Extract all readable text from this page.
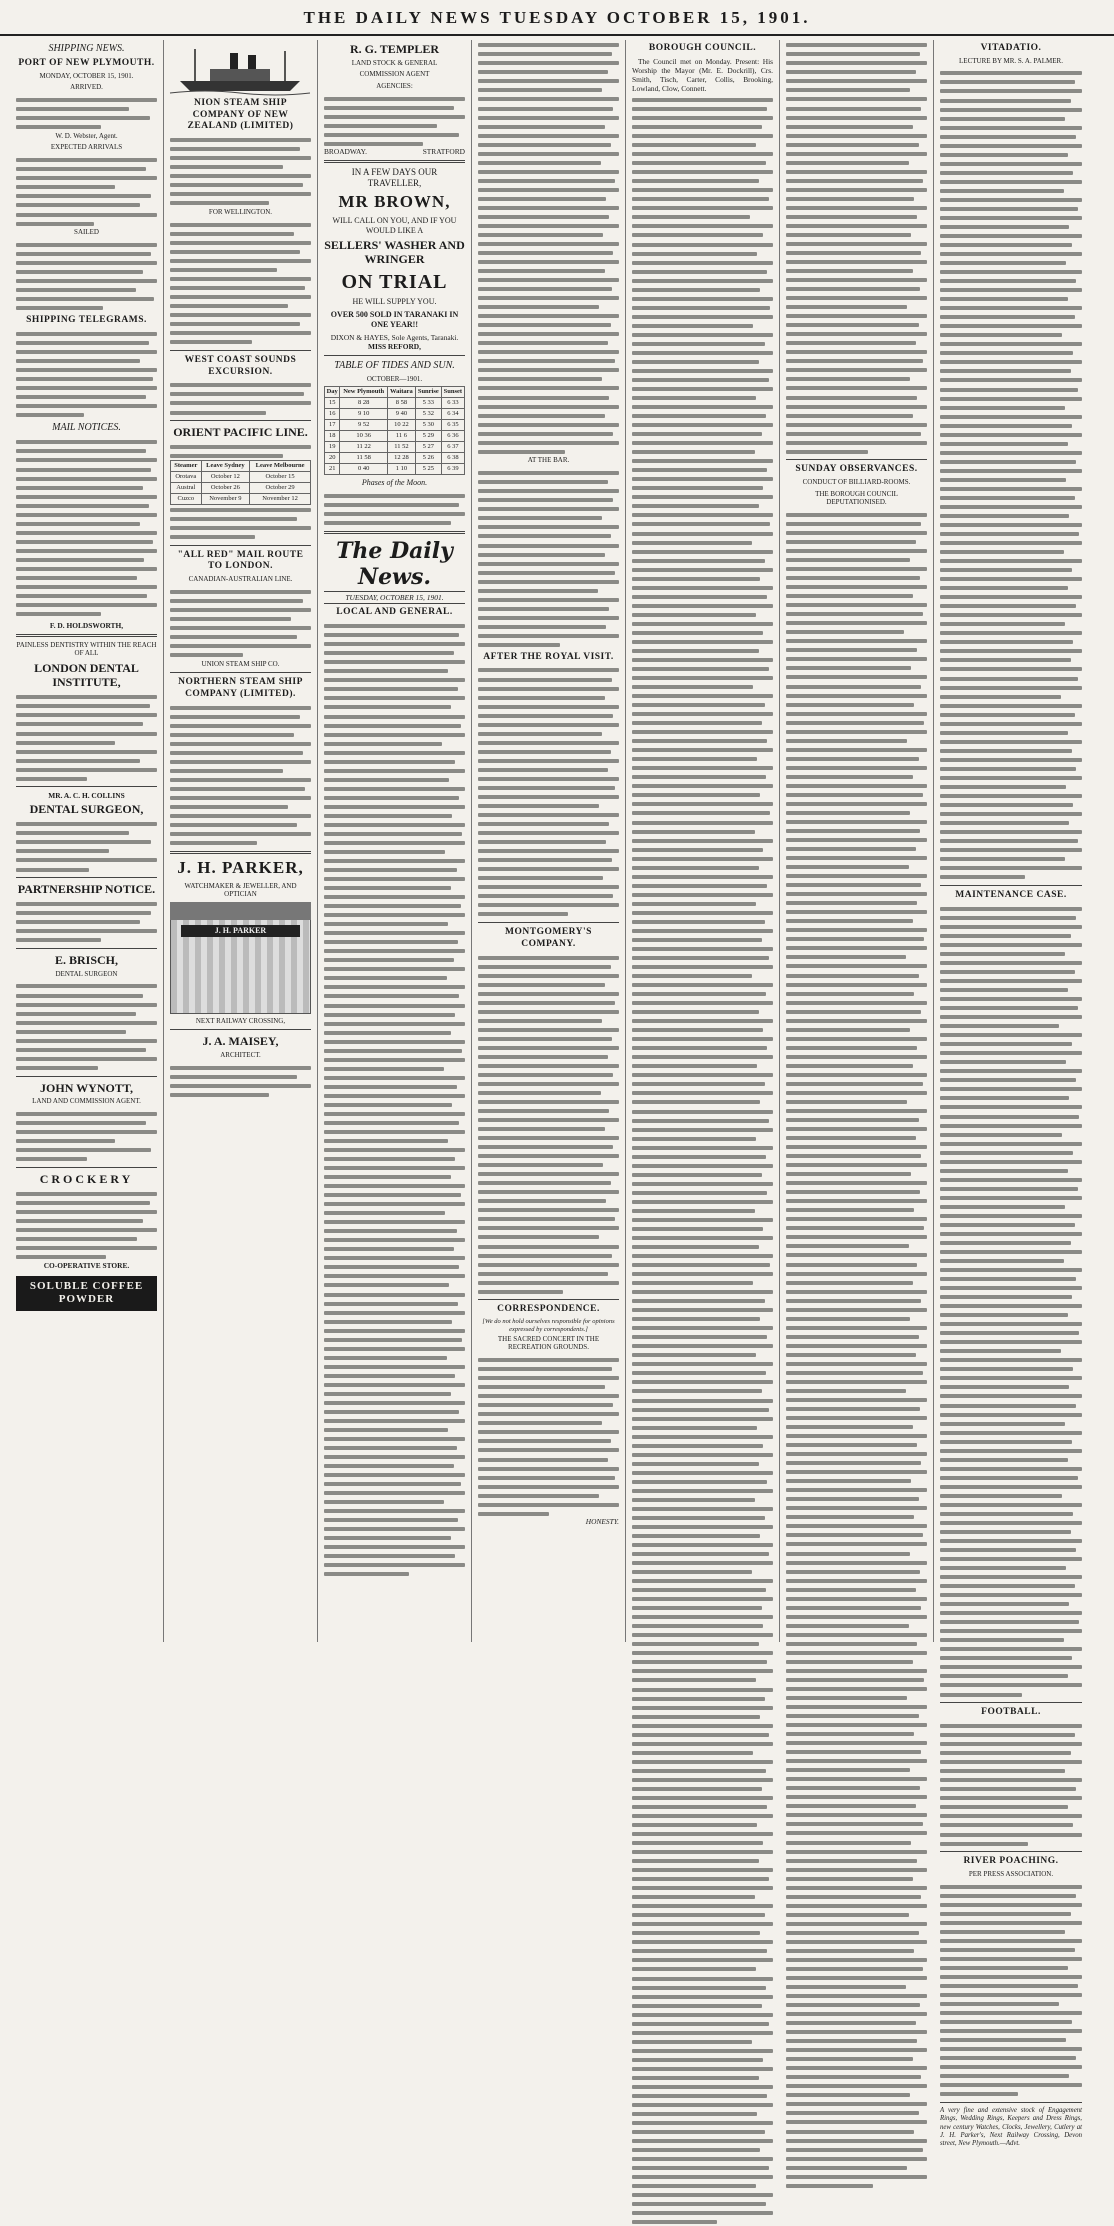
THE DAILY NEWS TUESDAY OCTOBER 15, 1901.
SHIPPING NEWS.
PORT OF NEW PLYMOUTH.
MONDAY, OCTOBER 15, 1901.
ARRIVED.
W. D. Webster, Agent.
EXPECTED ARRIVALS
SAILED
SHIPPING TELEGRAMS.
MAIL NOTICES.
F. D. HOLDSWORTH,
PAINLESS DENTISTRY WITHIN THE REACH OF ALL
LONDON DENTAL INSTITUTE,
MR. A. C. H. COLLINS
DENTAL SURGEON,
PARTNERSHIP NOTICE.
E. BRISCH,
DENTAL SURGEON
JOHN WYNOTT,
LAND AND COMMISSION AGENT.
CROCKERY
CO-OPERATIVE STORE.
SOLUBLE COFFEE POWDER
NION STEAM SHIP COMPANY OF NEW ZEALAND (LIMITED)
FOR WELLINGTON.
WEST COAST SOUNDS EXCURSION.
ORIENT PACIFIC LINE.
Steamer	Leave Sydney	Leave Melbourne
Orotava	October 12	October 15
Austral	October 26	October 29
Cuzco	November 9	November 12
"ALL RED" MAIL ROUTE TO LONDON.
CANADIAN-AUSTRALIAN LINE.
UNION STEAM SHIP CO.
NORTHERN STEAM SHIP COMPANY (LIMITED).
J. H. PARKER,
WATCHMAKER & JEWELLER, AND OPTICIAN
J. H. PARKER
NEXT RAILWAY CROSSING,
J. A. MAISEY,
ARCHITECT.
R. G. TEMPLER
LAND STOCK & GENERAL
COMMISSION AGENT
AGENCIES:
BROADWAY.	STRATFORD
IN A FEW DAYS OUR TRAVELLER,
MR BROWN,
WILL CALL ON YOU, AND IF YOU WOULD LIKE A
SELLERS' WASHER AND WRINGER
ON TRIAL
HE WILL SUPPLY YOU.
OVER 500 SOLD IN TARANAKI IN ONE YEAR!!
DIXON & HAYES, Sole Agents, Taranaki.
MISS REFORD,
TABLE OF TIDES AND SUN.
OCTOBER—1901.
Day	New Plymouth	Waitara	Sunrise	Sunset
15	8 28	8 58	5 33	6 33
16	9 10	9 40	5 32	6 34
17	9 52	10 22	5 30	6 35
18	10 36	11 6	5 29	6 36
19	11 22	11 52	5 27	6 37
20	11 58	12 28	5 26	6 38
21	0 40	1 10	5 25	6 39
Phases of the Moon.
The Daily News.
TUESDAY, OCTOBER 15, 1901.
LOCAL AND GENERAL.
AT THE BAR.
AFTER THE ROYAL VISIT.
MONTGOMERY'S COMPANY.
CORRESPONDENCE.
[We do not hold ourselves responsible for opinions expressed by correspondents.]
THE SACRED CONCERT IN THE RECREATION GROUNDS.
HONESTY.
BOROUGH COUNCIL.

The Council met on Monday. Present: His Worship the Mayor (Mr. E. Dockrill), Crs. Smith, Tisch, Carter, Collis, Brooking, Lowland, Clow, Connett.

SUNDAY OBSERVANCES.
CONDUCT OF BILLIARD-ROOMS.
THE BOROUGH COUNCIL DEPUTATIONISED.
VITADATIO.
LECTURE BY MR. S. A. PALMER.
MAINTENANCE CASE.
FOOTBALL.
RIVER POACHING.
PER PRESS ASSOCIATION.
A very fine and extensive stock of Engagement Rings, Wedding Rings, Keepers and Dress Rings, new century Watches, Clocks, Jewellery, Cutlery at J. H. Parker's, Next Railway Crossing, Devon street, New Plymouth.—Advt.
